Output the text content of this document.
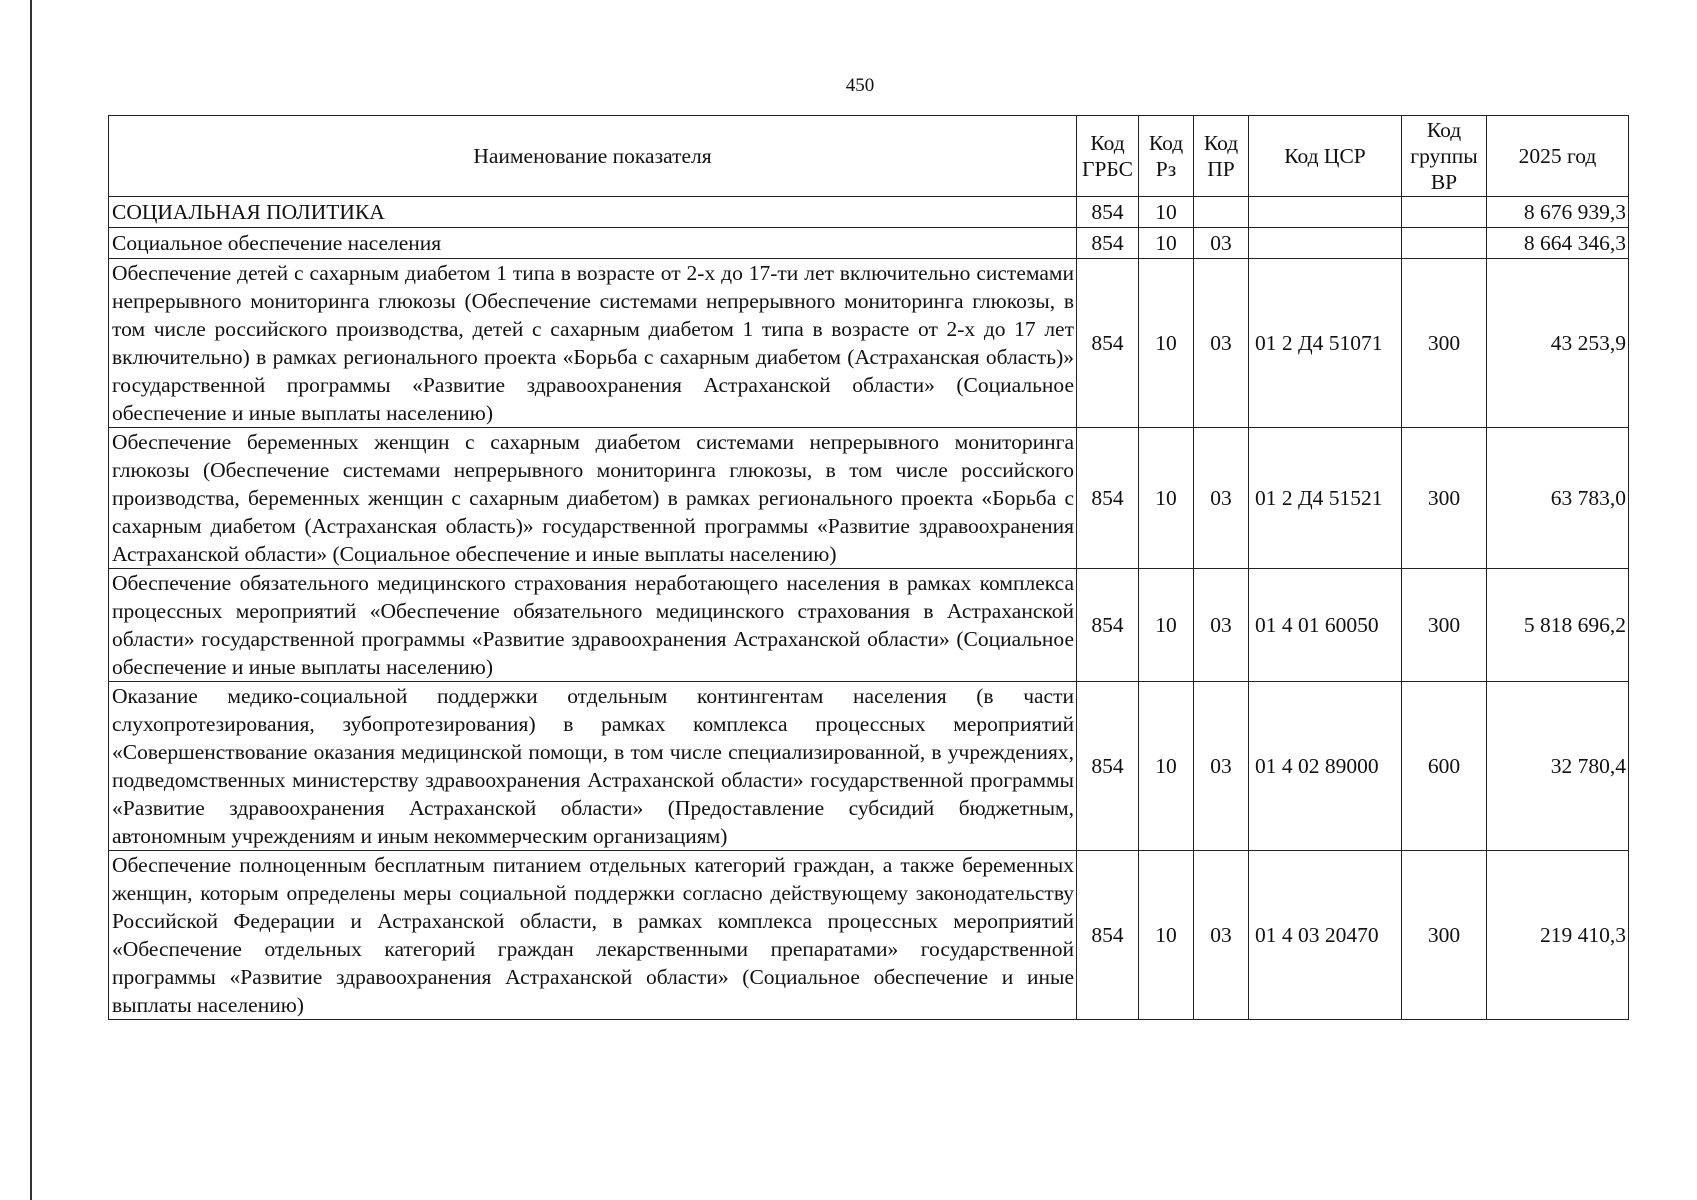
450
Наименование показателя	Код ГРБС	Код Рз	Код ПР	Код ЦСР	Код группы ВР	2025 год
СОЦИАЛЬНАЯ ПОЛИТИКА	854	10				8 676 939,3
Социальное обеспечение населения	854	10	03			8 664 346,3
Обеспечение детей с сахарным диабетом 1 типа в возрасте от 2-х до 17-ти лет включительно системами непрерывного мониторинга глюкозы (Обеспечение системами непрерывного мониторинга глюкозы, в том числе российского производства, детей с сахарным диабетом 1 типа в возрасте от 2-х до 17 лет включительно) в рамках регионального проекта «Борьба с сахарным диабетом (Астраханская область)» государственной программы «Развитие здравоохранения Астраханской области» (Социальное обеспечение и иные выплаты населению)	854	10	03	01 2 Д4 51071	300	43 253,9
Обеспечение беременных женщин с сахарным диабетом системами непрерывного мониторинга глюкозы (Обеспечение системами непрерывного мониторинга глюкозы, в том числе российского производства, беременных женщин с сахарным диабетом) в рамках регионального проекта «Борьба с сахарным диабетом (Астраханская область)» государственной программы «Развитие здравоохранения Астраханской области» (Социальное обеспечение и иные выплаты населению)	854	10	03	01 2 Д4 51521	300	63 783,0
Обеспечение обязательного медицинского страхования неработающего населения в рамках комплекса процессных мероприятий «Обеспечение обязательного медицинского страхования в Астраханской области» государственной программы «Развитие здравоохранения Астраханской области» (Социальное обеспечение и иные выплаты населению)	854	10	03	01 4 01 60050	300	5 818 696,2
Оказание медико-социальной поддержки отдельным контингентам населения (в части слухопротезирования, зубопротезирования) в рамках комплекса процессных мероприятий «Совершенствование оказания медицинской помощи, в том числе специализированной, в учреждениях, подведомственных министерству здравоохранения Астраханской области» государственной программы «Развитие здравоохранения Астраханской области» (Предоставление субсидий бюджетным, автономным учреждениям и иным некоммерческим организациям)	854	10	03	01 4 02 89000	600	32 780,4
Обеспечение полноценным бесплатным питанием отдельных категорий граждан, а также беременных женщин, которым определены меры социальной поддержки согласно действующему законодательству Российской Федерации и Астраханской области, в рамках комплекса процессных мероприятий «Обеспечение отдельных категорий граждан лекарственными препаратами» государственной программы «Развитие здравоохранения Астраханской области» (Социальное обеспечение и иные выплаты населению)	854	10	03	01 4 03 20470	300	219 410,3
